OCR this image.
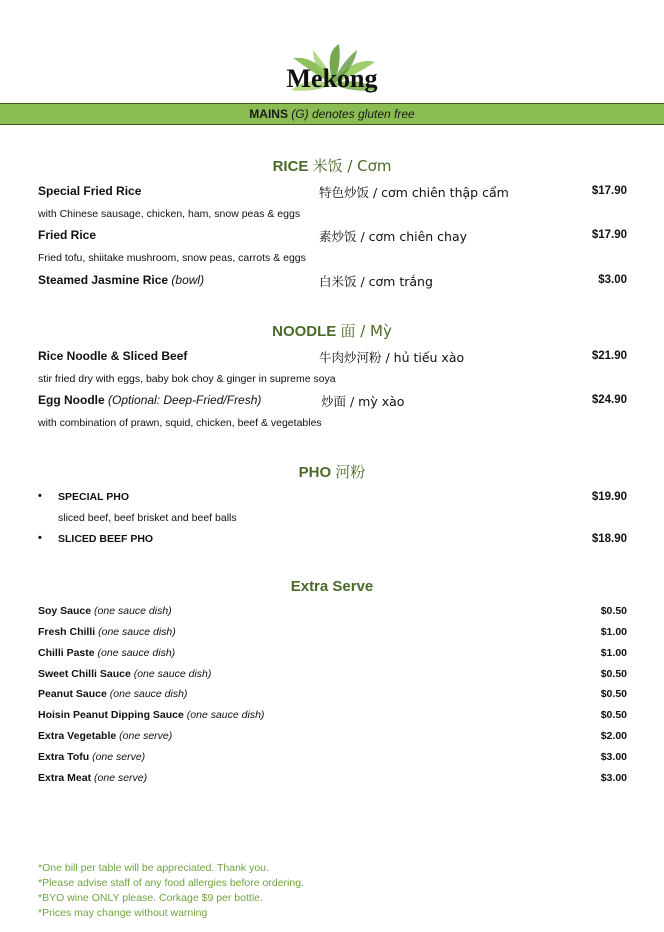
Mekong
MAINS (G) denotes gluten free
RICE 米饭 / Cơm
Special Fried Rice	特色炒饭 / cơm chiên thập cẩm	$17.90
with Chinese sausage, chicken, ham, snow peas & eggs
Fried Rice	素炒饭 / cơm chiên chay	$17.90
Fried tofu, shiitake mushroom, snow peas, carrots & eggs
Steamed Jasmine Rice (bowl)	白米饭 / cơm trắng	$3.00
NOODLE 面 / Mỳ
Rice Noodle & Sliced Beef	牛肉炒河粉 / hủ tiếu xào	$21.90
stir fried dry with eggs, baby bok choy & ginger in supreme soya
Egg Noodle (Optional: Deep-Fried/Fresh)	炒面 / mỳ xào	$24.90
with combination of prawn, squid, chicken, beef & vegetables
PHO 河粉
• SPECIAL PHO	$19.90
sliced beef, beef brisket and beef balls
• SLICED BEEF PHO	$18.90
Extra Serve
Soy Sauce (one sauce dish)	$0.50
Fresh Chilli (one sauce dish)	$1.00
Chilli Paste (one sauce dish)	$1.00
Sweet Chilli Sauce (one sauce dish)	$0.50
Peanut Sauce (one sauce dish)	$0.50
Hoisin Peanut Dipping Sauce (one sauce dish)	$0.50
Extra Vegetable (one serve)	$2.00
Extra Tofu (one serve)	$3.00
Extra Meat (one serve)	$3.00
*One bill per table will be appreciated. Thank you.
*Please advise staff of any food allergies before ordering.
*BYO wine ONLY please. Corkage $9 per bottle.
*Prices may change without warning
